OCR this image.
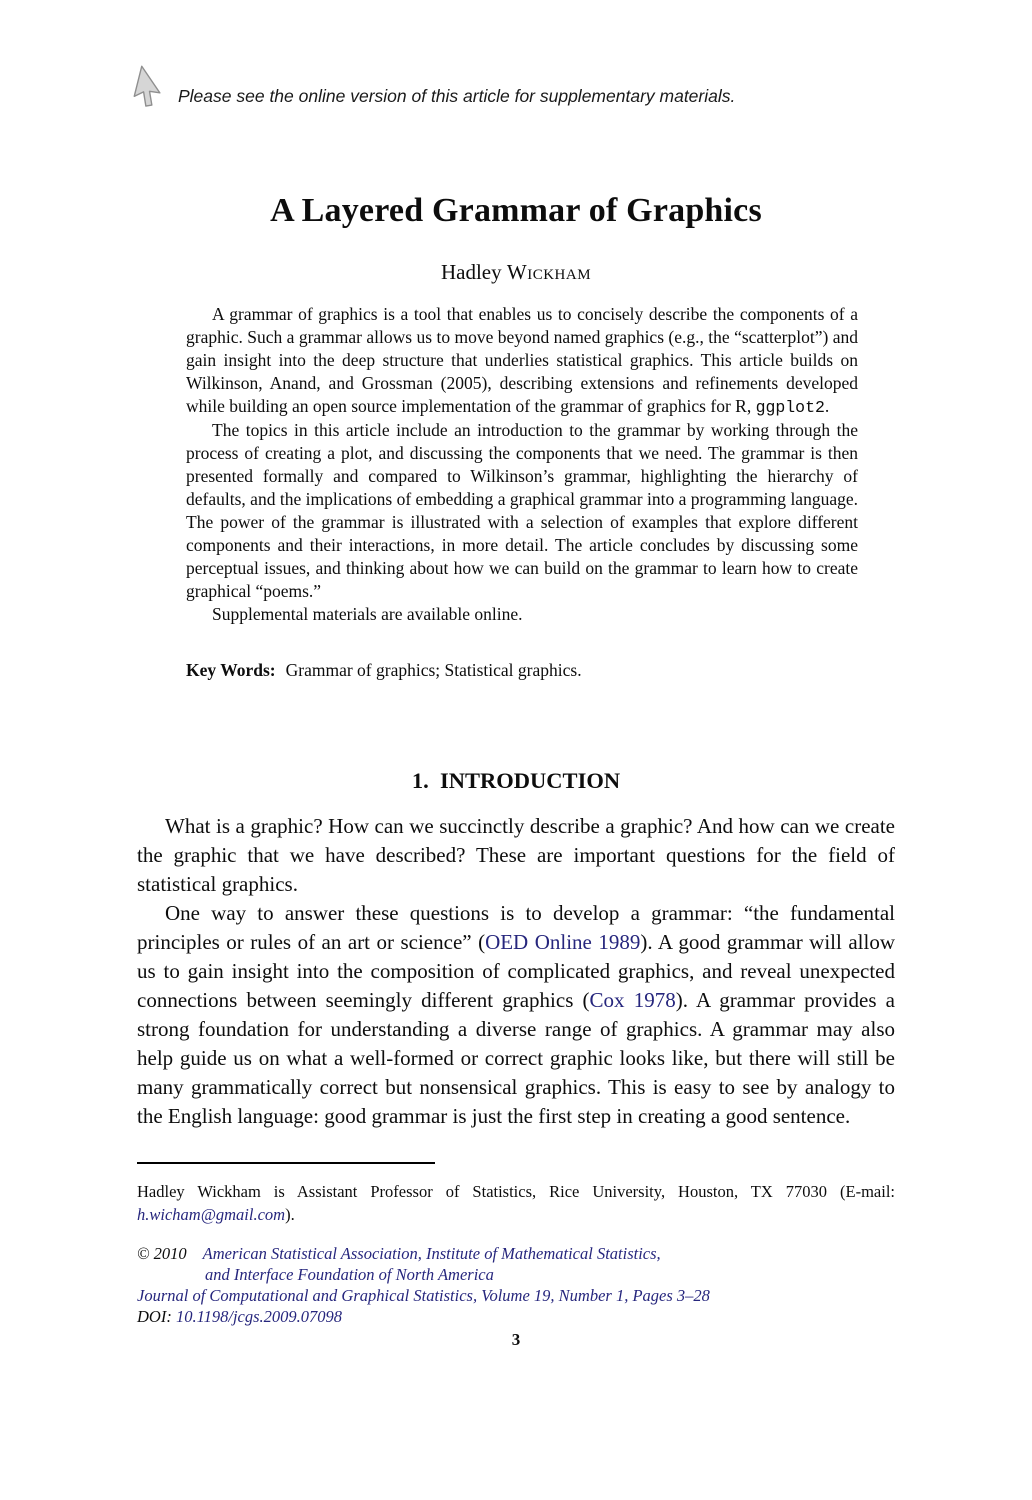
Please see the online version of this article for supplementary materials.
A Layered Grammar of Graphics
Hadley Wickham

A grammar of graphics is a tool that enables us to concisely describe the components of a graphic. Such a grammar allows us to move beyond named graphics (e.g., the “scatterplot”) and gain insight into the deep structure that underlies statistical graphics. This article builds on Wilkinson, Anand, and Grossman (2005), describing extensions and refinements developed while building an open source implementation of the grammar of graphics for R, ggplot2.

The topics in this article include an introduction to the grammar by working through the process of creating a plot, and discussing the components that we need. The grammar is then presented formally and compared to Wilkinson’s grammar, highlighting the hierarchy of defaults, and the implications of embedding a graphical grammar into a programming language. The power of the grammar is illustrated with a selection of examples that explore different components and their interactions, in more detail. The article concludes by discussing some perceptual issues, and thinking about how we can build on the grammar to learn how to create graphical “poems.”

Supplemental materials are available online.

Key Words: Grammar of graphics; Statistical graphics.
1. INTRODUCTION

What is a graphic? How can we succinctly describe a graphic? And how can we create the graphic that we have described? These are important questions for the field of statistical graphics.

One way to answer these questions is to develop a grammar: “the fundamental principles or rules of an art or science” (OED Online 1989). A good grammar will allow us to gain insight into the composition of complicated graphics, and reveal unexpected connections between seemingly different graphics (Cox 1978). A grammar provides a strong foundation for understanding a diverse range of graphics. A grammar may also help guide us on what a well-formed or correct graphic looks like, but there will still be many grammatically correct but nonsensical graphics. This is easy to see by analogy to the English language: good grammar is just the first step in creating a good sentence.

Hadley Wickham is Assistant Professor of Statistics, Rice University, Houston, TX 77030 (E-mail: h.wicham@gmail.com).

© 2010 American Statistical Association, Institute of Mathematical Statistics,

and Interface Foundation of North America

Journal of Computational and Graphical Statistics, Volume 19, Number 1, Pages 3–28

DOI: 10.1198/jcgs.2009.07098

3
